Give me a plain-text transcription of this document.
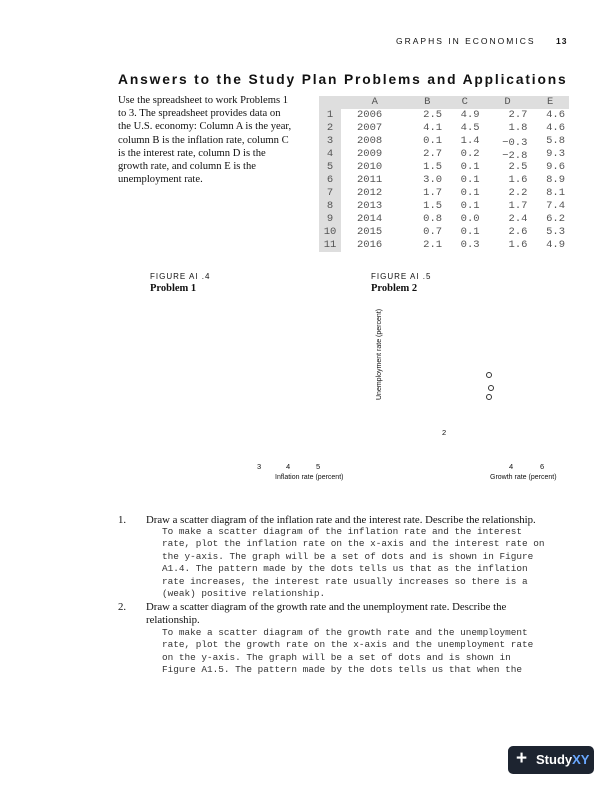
GRAPHS IN ECONOMICS 13
Answers to the Study Plan Problems and Applications
Use the spreadsheet to work Problems 1
to 3. The spreadsheet provides data on
the U.S. economy: Column A is the year,
column B is the inflation rate, column C
is the interest rate, column D is the
growth rate, and column E is the
unemployment rate.
	A	B	C	D	E
1	2006	2.5	4.9	2.7	4.6
2	2007	4.1	4.5	1.8	4.6
3	2008	0.1	1.4	−0.3	5.8
4	2009	2.7	0.2	−2.8	9.3
5	2010	1.5	0.1	2.5	9.6
6	2011	3.0	0.1	1.6	8.9
7	2012	1.7	0.1	2.2	8.1
8	2013	1.5	0.1	1.7	7.4
9	2014	0.8	0.0	2.4	6.2
10	2015	0.7	0.1	2.6	5.3
11	2016	2.1	0.3	1.6	4.9
FIGURE AI .4
Problem 1
3	4	5
Inflation rate (percent)
FIGURE AI .5
Problem 2
Unemployment rate (percent)
2
4	6
Growth rate (percent)
1. Draw a scatter diagram of the inflation rate and the interest rate. Describe the relationship.
To make a scatter diagram of the inflation rate and the interest
rate, plot the inflation rate on the x-axis and the interest rate on
the y-axis. The graph will be a set of dots and is shown in Figure
A1.4. The pattern made by the dots tells us that as the inflation
rate increases, the interest rate usually increases so there is a
(weak) positive relationship.
2. Draw a scatter diagram of the growth rate and the unemployment rate. Describe the
relationship.
To make a scatter diagram of the growth rate and the unemployment
rate, plot the growth rate on the x-axis and the unemployment rate
on the y-axis. The graph will be a set of dots and is shown in
Figure A1.5. The pattern made by the dots tells us that when the
+ StudyXY
